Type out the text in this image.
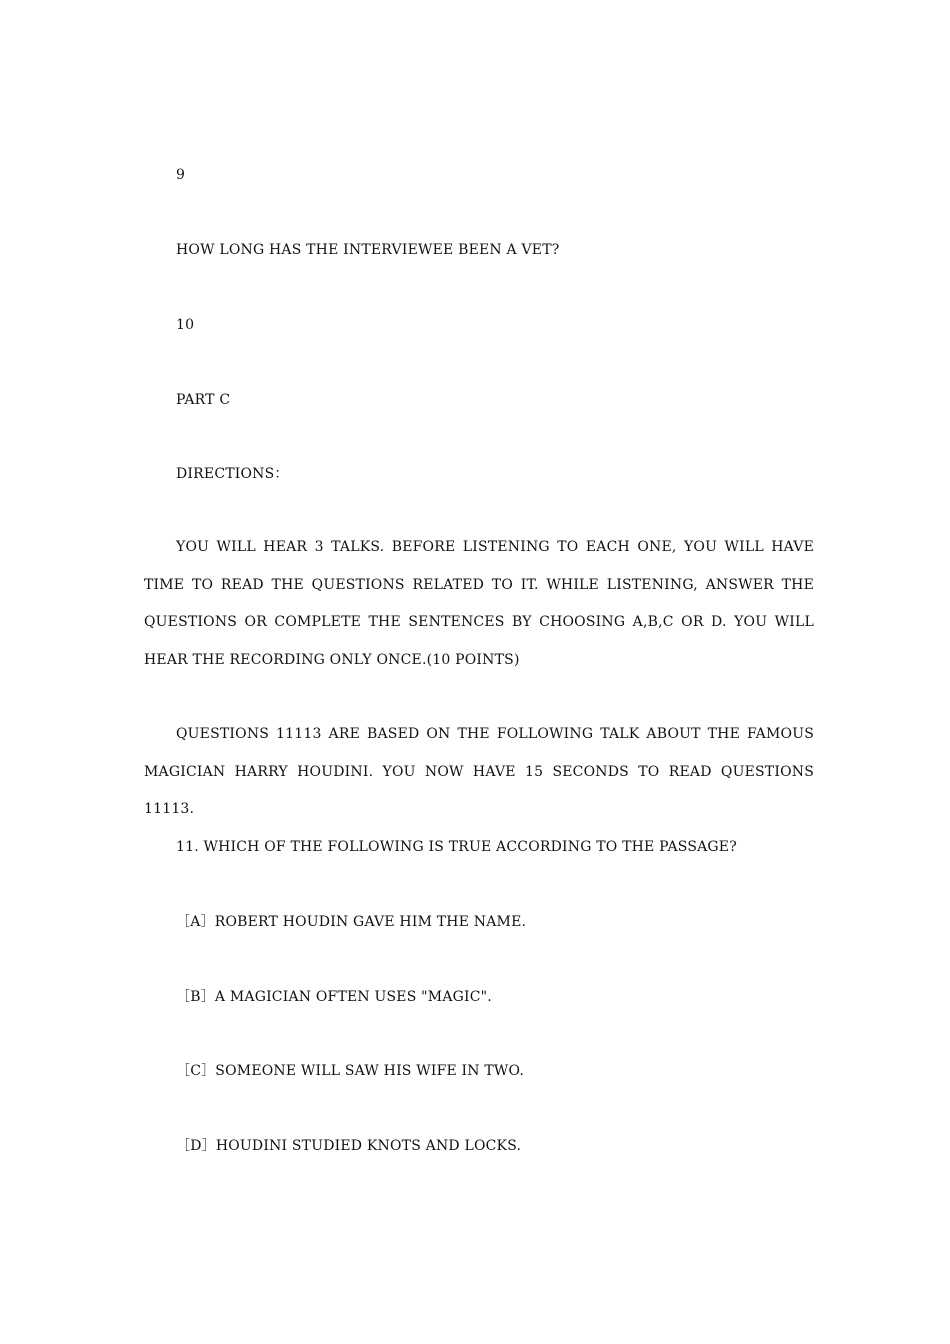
9
HOW LONG HAS THE INTERVIEWEE BEEN A VET?
10
PART C
DIRECTIONS：
YOU WILL HEAR 3 TALKS. BEFORE LISTENING TO EACH ONE, YOU WILL HAVE TIME TO READ THE QUESTIONS RELATED TO IT. WHILE LISTENING, ANSWER THE QUESTIONS OR COMPLETE THE SENTENCES BY CHOOSING A,B,C OR D. YOU WILL HEAR THE RECORDING ONLY ONCE.(10 POINTS)
QUESTIONS 11113 ARE BASED ON THE FOLLOWING TALK ABOUT THE FAMOUS MAGICIAN HARRY HOUDINI. YOU NOW HAVE 15 SECONDS TO READ QUESTIONS 11113.
11. WHICH OF THE FOLLOWING IS TRUE ACCORDING TO THE PASSAGE?
［A］ROBERT HOUDIN GAVE HIM THE NAME.
［B］A MAGICIAN OFTEN USES "MAGIC".
［C］SOMEONE WILL SAW HIS WIFE IN TWO.
［D］HOUDINI STUDIED KNOTS AND LOCKS.
